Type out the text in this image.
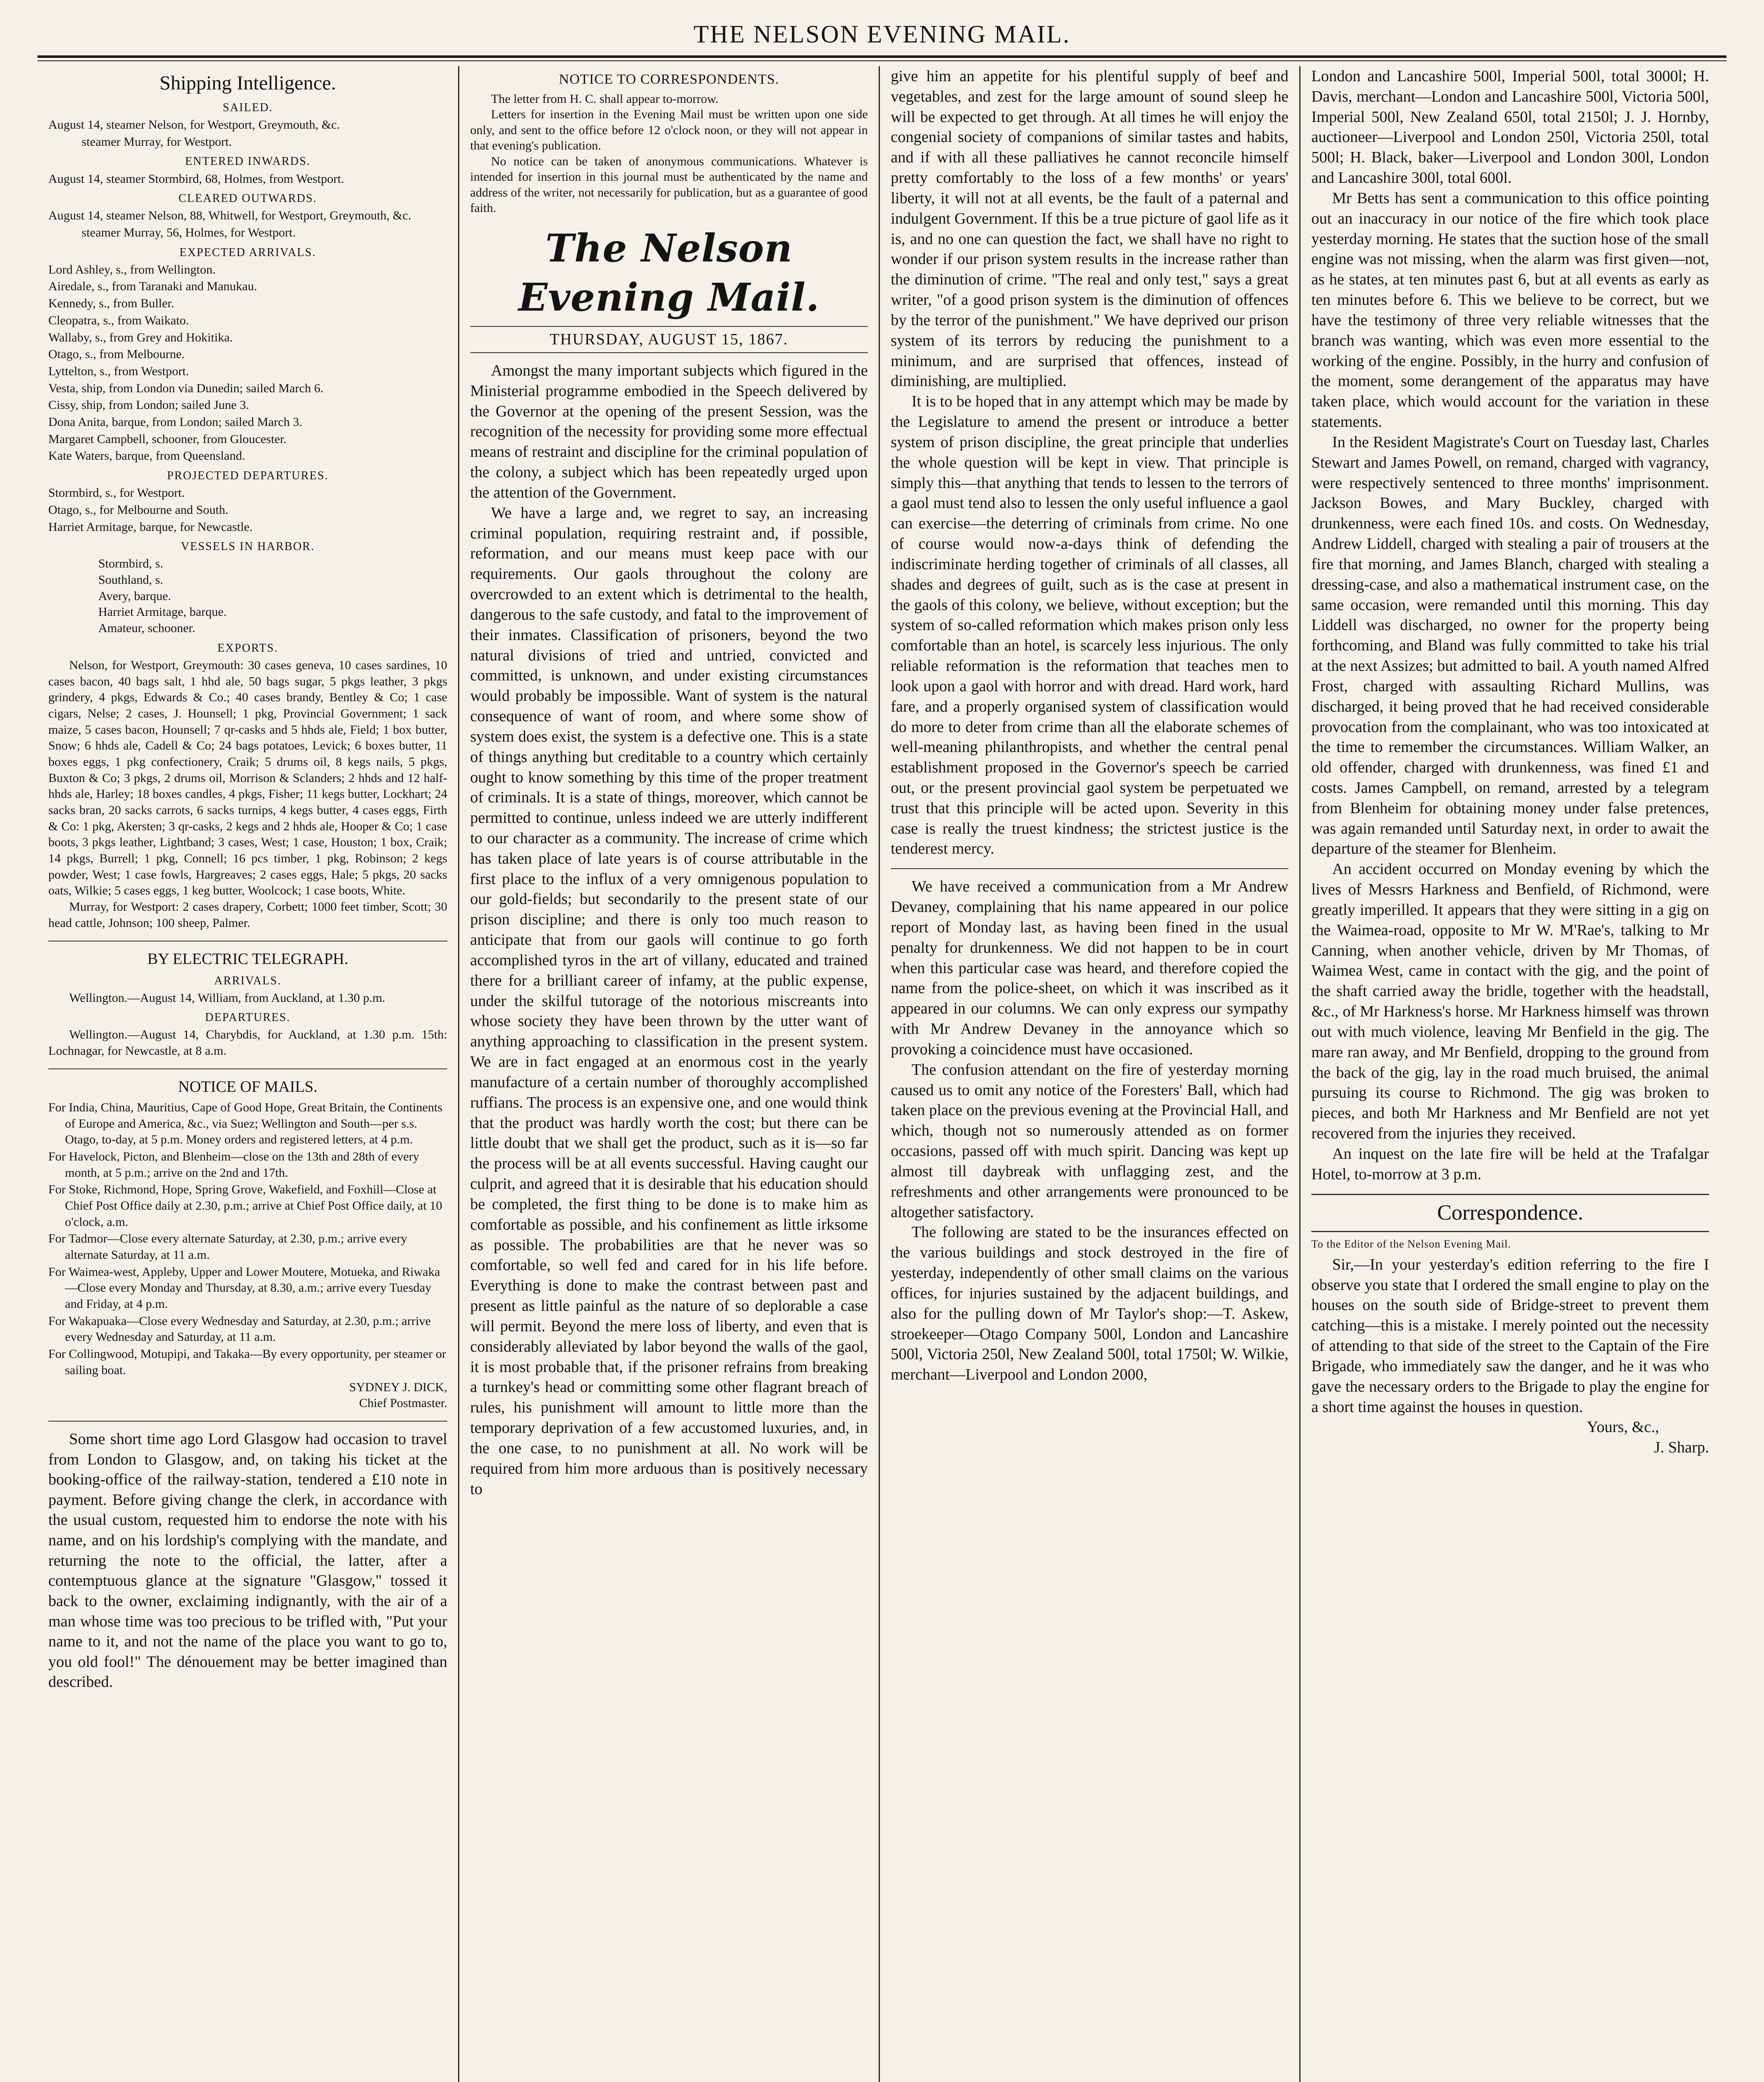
THE NELSON EVENING MAIL.
Shipping Intelligence.
SAILED.
August 14, steamer Nelson, for Westport, Greymouth, &c.
steamer Murray, for Westport.
ENTERED INWARDS.
August 14, steamer Stormbird, 68, Holmes, from Westport.
CLEARED OUTWARDS.
August 14, steamer Nelson, 88, Whitwell, for Westport, Greymouth, &c.
steamer Murray, 56, Holmes, for Westport.
EXPECTED ARRIVALS.
Lord Ashley, s., from Wellington.
Airedale, s., from Taranaki and Manukau.
Kennedy, s., from Buller.
Cleopatra, s., from Waikato.
Wallaby, s., from Grey and Hokitika.
Otago, s., from Melbourne.
Lyttelton, s., from Westport.
Vesta, ship, from London via Dunedin; sailed March 6.
Cissy, ship, from London; sailed June 3.
Dona Anita, barque, from London; sailed March 3.
Margaret Campbell, schooner, from Gloucester.
Kate Waters, barque, from Queensland.
PROJECTED DEPARTURES.
Stormbird, s., for Westport.
Otago, s., for Melbourne and South.
Harriet Armitage, barque, for Newcastle.
VESSELS IN HARBOR.
Stormbird, s.
Southland, s.
Avery, barque.
Harriet Armitage, barque.
Amateur, schooner.
EXPORTS.

Nelson, for Westport, Greymouth: 30 cases geneva, 10 cases sardines, 10 cases bacon, 40 bags salt, 1 hhd ale, 50 bags sugar, 5 pkgs leather, 3 pkgs grindery, 4 pkgs, Edwards & Co.; 40 cases brandy, Bentley & Co; 1 case cigars, Nelse; 2 cases, J. Hounsell; 1 pkg, Provincial Government; 1 sack maize, 5 cases bacon, Hounsell; 7 qr-casks and 5 hhds ale, Field; 1 box butter, Snow; 6 hhds ale, Cadell & Co; 24 bags potatoes, Levick; 6 boxes butter, 11 boxes eggs, 1 pkg confectionery, Craik; 5 drums oil, 8 kegs nails, 5 pkgs, Buxton & Co; 3 pkgs, 2 drums oil, Morrison & Sclanders; 2 hhds and 12 half-hhds ale, Harley; 18 boxes candles, 4 pkgs, Fisher; 11 kegs butter, Lockhart; 24 sacks bran, 20 sacks carrots, 6 sacks turnips, 4 kegs butter, 4 cases eggs, Firth & Co: 1 pkg, Akersten; 3 qr-casks, 2 kegs and 2 hhds ale, Hooper & Co; 1 case boots, 3 pkgs leather, Lightband; 3 cases, West; 1 case, Houston; 1 box, Craik; 14 pkgs, Burrell; 1 pkg, Connell; 16 pcs timber, 1 pkg, Robinson; 2 kegs powder, West; 1 case fowls, Hargreaves; 2 cases eggs, Hale; 5 pkgs, 20 sacks oats, Wilkie; 5 cases eggs, 1 keg butter, Woolcock; 1 case boots, White.

Murray, for Westport: 2 cases drapery, Corbett; 1000 feet timber, Scott; 30 head cattle, Johnson; 100 sheep, Palmer.

BY ELECTRIC TELEGRAPH.
ARRIVALS.

Wellington.—August 14, William, from Auckland, at 1.30 p.m.

DEPARTURES.

Wellington.—August 14, Charybdis, for Auckland, at 1.30 p.m. 15th: Lochnagar, for Newcastle, at 8 a.m.

NOTICE OF MAILS.
For India, China, Mauritius, Cape of Good Hope, Great Britain, the Continents of Europe and America, &c., via Suez; Wellington and South—per s.s. Otago, to-day, at 5 p.m. Money orders and registered letters, at 4 p.m.
For Havelock, Picton, and Blenheim—close on the 13th and 28th of every month, at 5 p.m.; arrive on the 2nd and 17th.
For Stoke, Richmond, Hope, Spring Grove, Wakefield, and Foxhill—Close at Chief Post Office daily at 2.30, p.m.; arrive at Chief Post Office daily, at 10 o'clock, a.m.
For Tadmor—Close every alternate Saturday, at 2.30, p.m.; arrive every alternate Saturday, at 11 a.m.
For Waimea-west, Appleby, Upper and Lower Moutere, Motueka, and Riwaka—Close every Monday and Thursday, at 8.30, a.m.; arrive every Tuesday and Friday, at 4 p.m.
For Wakapuaka—Close every Wednesday and Saturday, at 2.30, p.m.; arrive every Wednesday and Saturday, at 11 a.m.
For Collingwood, Motupipi, and Takaka—By every opportunity, per steamer or sailing boat.
SYDNEY J. DICK,
Chief Postmaster.

Some short time ago Lord Glasgow had occasion to travel from London to Glasgow, and, on taking his ticket at the booking-office of the railway-station, tendered a £10 note in payment. Before giving change the clerk, in accordance with the usual custom, requested him to endorse the note with his name, and on his lordship's complying with the mandate, and returning the note to the official, the latter, after a contemptuous glance at the signature "Glasgow," tossed it back to the owner, exclaiming indignantly, with the air of a man whose time was too precious to be trifled with, "Put your name to it, and not the name of the place you want to go to, you old fool!" The dénouement may be better imagined than described.

NOTICE TO CORRESPONDENTS.

The letter from H. C. shall appear to-morrow.

Letters for insertion in the Evening Mail must be written upon one side only, and sent to the office before 12 o'clock noon, or they will not appear in that evening's publication.

No notice can be taken of anonymous communications. Whatever is intended for insertion in this journal must be authenticated by the name and address of the writer, not necessarily for publication, but as a guarantee of good faith.

The Nelson Evening Mail.
THURSDAY, AUGUST 15, 1867.

Amongst the many important subjects which figured in the Ministerial programme embodied in the Speech delivered by the Governor at the opening of the present Session, was the recognition of the necessity for providing some more effectual means of restraint and discipline for the criminal population of the colony, a subject which has been repeatedly urged upon the attention of the Government.

We have a large and, we regret to say, an increasing criminal population, requiring restraint and, if possible, reformation, and our means must keep pace with our requirements. Our gaols throughout the colony are overcrowded to an extent which is detrimental to the health, dangerous to the safe custody, and fatal to the improvement of their inmates. Classification of prisoners, beyond the two natural divisions of tried and untried, convicted and committed, is unknown, and under existing circumstances would probably be impossible. Want of system is the natural consequence of want of room, and where some show of system does exist, the system is a defective one. This is a state of things anything but creditable to a country which certainly ought to know something by this time of the proper treatment of criminals. It is a state of things, moreover, which cannot be permitted to continue, unless indeed we are utterly indifferent to our character as a community. The increase of crime which has taken place of late years is of course attributable in the first place to the influx of a very omnigenous population to our gold-fields; but secondarily to the present state of our prison discipline; and there is only too much reason to anticipate that from our gaols will continue to go forth accomplished tyros in the art of villany, educated and trained there for a brilliant career of infamy, at the public expense, under the skilful tutorage of the notorious miscreants into whose society they have been thrown by the utter want of anything approaching to classification in the present system. We are in fact engaged at an enormous cost in the yearly manufacture of a certain number of thoroughly accomplished ruffians. The process is an expensive one, and one would think that the product was hardly worth the cost; but there can be little doubt that we shall get the product, such as it is—so far the process will be at all events successful. Having caught our culprit, and agreed that it is desirable that his education should be completed, the first thing to be done is to make him as comfortable as possible, and his confinement as little irksome as possible. The probabilities are that he never was so comfortable, so well fed and cared for in his life before. Everything is done to make the contrast between past and present as little painful as the nature of so deplorable a case will permit. Beyond the mere loss of liberty, and even that is considerably alleviated by labor beyond the walls of the gaol, it is most probable that, if the prisoner refrains from breaking a turnkey's head or committing some other flagrant breach of rules, his punishment will amount to little more than the temporary deprivation of a few accustomed luxuries, and, in the one case, to no punishment at all. No work will be required from him more arduous than is positively necessary to

give him an appetite for his plentiful supply of beef and vegetables, and zest for the large amount of sound sleep he will be expected to get through. At all times he will enjoy the congenial society of companions of similar tastes and habits, and if with all these palliatives he cannot reconcile himself pretty comfortably to the loss of a few months' or years' liberty, it will not at all events, be the fault of a paternal and indulgent Government. If this be a true picture of gaol life as it is, and no one can question the fact, we shall have no right to wonder if our prison system results in the increase rather than the diminution of crime. "The real and only test," says a great writer, "of a good prison system is the diminution of offences by the terror of the punishment." We have deprived our prison system of its terrors by reducing the punishment to a minimum, and are surprised that offences, instead of diminishing, are multiplied.

It is to be hoped that in any attempt which may be made by the Legislature to amend the present or introduce a better system of prison discipline, the great principle that underlies the whole question will be kept in view. That principle is simply this—that anything that tends to lessen to the terrors of a gaol must tend also to lessen the only useful influence a gaol can exercise—the deterring of criminals from crime. No one of course would now-a-days think of defending the indiscriminate herding together of criminals of all classes, all shades and degrees of guilt, such as is the case at present in the gaols of this colony, we believe, without exception; but the system of so-called reformation which makes prison only less comfortable than an hotel, is scarcely less injurious. The only reliable reformation is the reformation that teaches men to look upon a gaol with horror and with dread. Hard work, hard fare, and a properly organised system of classification would do more to deter from crime than all the elaborate schemes of well-meaning philanthropists, and whether the central penal establishment proposed in the Governor's speech be carried out, or the present provincial gaol system be perpetuated we trust that this principle will be acted upon. Severity in this case is really the truest kindness; the strictest justice is the tenderest mercy.

We have received a communication from a Mr Andrew Devaney, complaining that his name appeared in our police report of Monday last, as having been fined in the usual penalty for drunkenness. We did not happen to be in court when this particular case was heard, and therefore copied the name from the police-sheet, on which it was inscribed as it appeared in our columns. We can only express our sympathy with Mr Andrew Devaney in the annoyance which so provoking a coincidence must have occasioned.

The confusion attendant on the fire of yesterday morning caused us to omit any notice of the Foresters' Ball, which had taken place on the previous evening at the Provincial Hall, and which, though not so numerously attended as on former occasions, passed off with much spirit. Dancing was kept up almost till daybreak with unflagging zest, and the refreshments and other arrangements were pronounced to be altogether satisfactory.

The following are stated to be the insurances effected on the various buildings and stock destroyed in the fire of yesterday, independently of other small claims on the various offices, for injuries sustained by the adjacent buildings, and also for the pulling down of Mr Taylor's shop:—T. Askew, stroekeeper—Otago Company 500l, London and Lancashire 500l, Victoria 250l, New Zealand 500l, total 1750l; W. Wilkie, merchant—Liverpool and London 2000,

London and Lancashire 500l, Imperial 500l, total 3000l; H. Davis, merchant—London and Lancashire 500l, Victoria 500l, Imperial 500l, New Zealand 650l, total 2150l; J. J. Hornby, auctioneer—Liverpool and London 250l, Victoria 250l, total 500l; H. Black, baker—Liverpool and London 300l, London and Lancashire 300l, total 600l.

Mr Betts has sent a communication to this office pointing out an inaccuracy in our notice of the fire which took place yesterday morning. He states that the suction hose of the small engine was not missing, when the alarm was first given—not, as he states, at ten minutes past 6, but at all events as early as ten minutes before 6. This we believe to be correct, but we have the testimony of three very reliable witnesses that the branch was wanting, which was even more essential to the working of the engine. Possibly, in the hurry and confusion of the moment, some derangement of the apparatus may have taken place, which would account for the variation in these statements.

In the Resident Magistrate's Court on Tuesday last, Charles Stewart and James Powell, on remand, charged with vagrancy, were respectively sentenced to three months' imprisonment. Jackson Bowes, and Mary Buckley, charged with drunkenness, were each fined 10s. and costs. On Wednesday, Andrew Liddell, charged with stealing a pair of trousers at the fire that morning, and James Blanch, charged with stealing a dressing-case, and also a mathematical instrument case, on the same occasion, were remanded until this morning. This day Liddell was discharged, no owner for the property being forthcoming, and Bland was fully committed to take his trial at the next Assizes; but admitted to bail. A youth named Alfred Frost, charged with assaulting Richard Mullins, was discharged, it being proved that he had received considerable provocation from the complainant, who was too intoxicated at the time to remember the circumstances. William Walker, an old offender, charged with drunkenness, was fined £1 and costs. James Campbell, on remand, arrested by a telegram from Blenheim for obtaining money under false pretences, was again remanded until Saturday next, in order to await the departure of the steamer for Blenheim.

An accident occurred on Monday evening by which the lives of Messrs Harkness and Benfield, of Richmond, were greatly imperilled. It appears that they were sitting in a gig on the Waimea-road, opposite to Mr W. M'Rae's, talking to Mr Canning, when another vehicle, driven by Mr Thomas, of Waimea West, came in contact with the gig, and the point of the shaft carried away the bridle, together with the headstall, &c., of Mr Harkness's horse. Mr Harkness himself was thrown out with much violence, leaving Mr Benfield in the gig. The mare ran away, and Mr Benfield, dropping to the ground from the back of the gig, lay in the road much bruised, the animal pursuing its course to Richmond. The gig was broken to pieces, and both Mr Harkness and Mr Benfield are not yet recovered from the injuries they received.

An inquest on the late fire will be held at the Trafalgar Hotel, to-morrow at 3 p.m.

Correspondence.
To the Editor of the Nelson Evening Mail.

Sir,—In your yesterday's edition referring to the fire I observe you state that I ordered the small engine to play on the houses on the south side of Bridge-street to prevent them catching—this is a mistake. I merely pointed out the necessity of attending to that side of the street to the Captain of the Fire Brigade, who immediately saw the danger, and he it was who gave the necessary orders to the Brigade to play the engine for a short time against the houses in question.

Yours, &c.,
J. Sharp.
